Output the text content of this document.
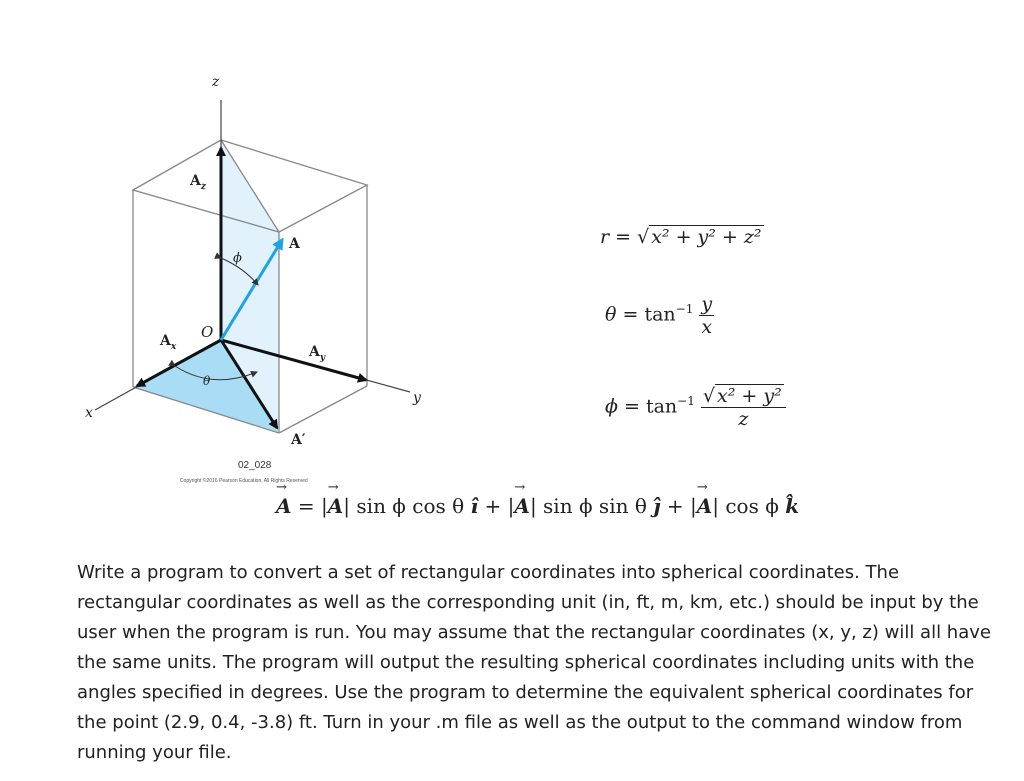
z
x
y
O
A
$A_z$
$A_x$	$A_y$
A′
ϕ
θ
02_028
Copyright ©2016 Pearson Education, All Rights Reserved
r = √ x² + y² + z²
$\theta = \tan^{-1} \frac{y}{x}$
$\phi = \tan^{-1} \frac{\text{√ x² + y²}}{z}$
→ A = |→ A| sin ϕ cos θ î + |→ A| sin ϕ sin θ ĵ + |→ A| cos ϕ k̂

Write a program to convert a set of rectangular coordinates into spherical coordinates. The rectangular coordinates as well as the corresponding unit (in, ft, m, km, etc.) should be input by the user when the program is run. You may assume that the rectangular coordinates (x, y, z) will all have the same units. The program will output the resulting spherical coordinates including units with the angles specified in degrees. Use the program to determine the equivalent spherical coordinates for the point (2.9, 0.4, -3.8) ft. Turn in your .m file as well as the output to the command window from running your file.
